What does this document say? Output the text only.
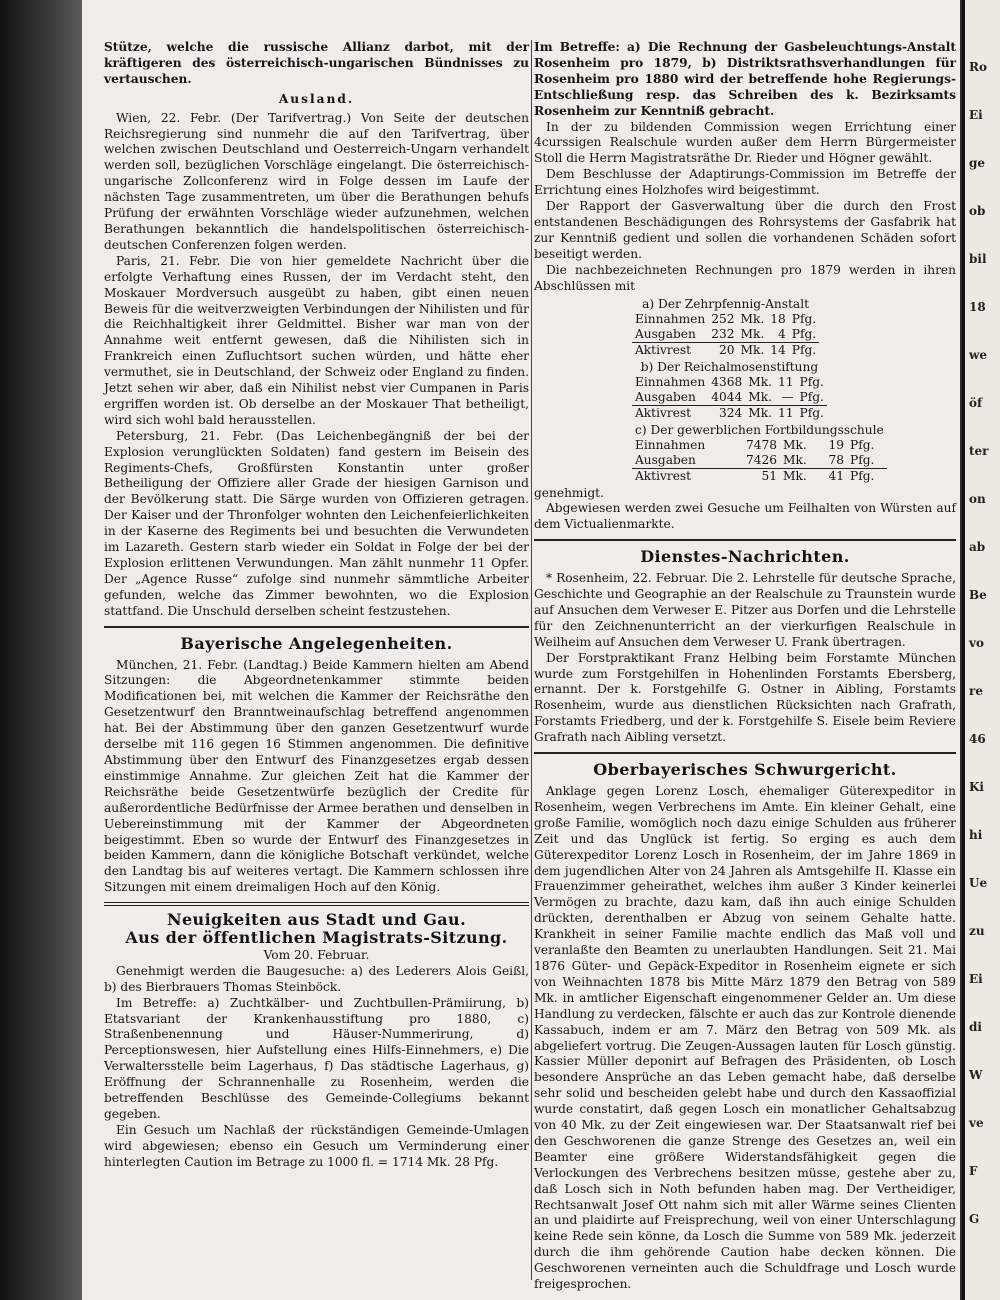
Stütze, welche die russische Allianz darbot, mit der kräftigeren des österreichisch-ungarischen Bündnisses zu vertauschen.

Ausland.

Wien, 22. Febr. (Der Tarifvertrag.) Von Seite der deutschen Reichsregierung sind nunmehr die auf den Tarifvertrag, über welchen zwischen Deutschland und Oesterreich-Ungarn verhandelt werden soll, bezüglichen Vorschläge eingelangt. Die österreichisch-ungarische Zollconferenz wird in Folge dessen im Laufe der nächsten Tage zusammentreten, um über die Berathungen behufs Prüfung der erwähnten Vorschläge wieder aufzunehmen, welchen Berathungen bekanntlich die handelspolitischen österreichisch-deutschen Conferenzen folgen werden.

Paris, 21. Febr. Die von hier gemeldete Nachricht über die erfolgte Verhaftung eines Russen, der im Verdacht steht, den Moskauer Mordversuch ausgeübt zu haben, gibt einen neuen Beweis für die weitverzweigten Verbindungen der Nihilisten und für die Reichhaltigkeit ihrer Geldmittel. Bisher war man von der Annahme weit entfernt gewesen, daß die Nihilisten sich in Frankreich einen Zufluchtsort suchen würden, und hätte eher vermuthet, sie in Deutschland, der Schweiz oder England zu finden. Jetzt sehen wir aber, daß ein Nihilist nebst vier Cumpanen in Paris ergriffen worden ist. Ob derselbe an der Moskauer That betheiligt, wird sich wohl bald herausstellen.

Petersburg, 21. Febr. (Das Leichenbegängniß der bei der Explosion verunglückten Soldaten) fand gestern im Beisein des Regiments-Chefs, Großfürsten Konstantin unter großer Betheiligung der Offiziere aller Grade der hiesigen Garnison und der Bevölkerung statt. Die Särge wurden von Offizieren getragen. Der Kaiser und der Thronfolger wohnten den Leichenfeierlichkeiten in der Kaserne des Regiments bei und besuchten die Verwundeten im Lazareth. Gestern starb wieder ein Soldat in Folge der bei der Explosion erlittenen Verwundungen. Man zählt nunmehr 11 Opfer. Der „Agence Russe“ zufolge sind nunmehr sämmtliche Arbeiter gefunden, welche das Zimmer bewohnten, wo die Explosion stattfand. Die Unschuld derselben scheint festzustehen.

Bayerische Angelegenheiten.

München, 21. Febr. (Landtag.) Beide Kammern hielten am Abend Sitzungen: die Abgeordnetenkammer stimmte beiden Modificationen bei, mit welchen die Kammer der Reichsräthe den Gesetzentwurf den Branntweinaufschlag betreffend angenommen hat. Bei der Abstimmung über den ganzen Gesetzentwurf wurde derselbe mit 116 gegen 16 Stimmen angenommen. Die definitive Abstimmung über den Entwurf des Finanzgesetzes ergab dessen einstimmige Annahme. Zur gleichen Zeit hat die Kammer der Reichsräthe beide Gesetzentwürfe bezüglich der Credite für außerordentliche Bedürfnisse der Armee berathen und denselben in Uebereinstimmung mit der Kammer der Abgeordneten beigestimmt. Eben so wurde der Entwurf des Finanzgesetzes in beiden Kammern, dann die königliche Botschaft verkündet, welche den Landtag bis auf weiteres vertagt. Die Kammern schlossen ihre Sitzungen mit einem dreimaligen Hoch auf den König.

Neuigkeiten aus Stadt und Gau.
Aus der öffentlichen Magistrats-Sitzung.

Vom 20. Februar.

Genehmigt werden die Baugesuche: a) des Lederers Alois Geißl, b) des Bierbrauers Thomas Steinböck.

Im Betreffe: a) Zuchtkälber- und Zuchtbullen-Prämiirung, b) Etatsvariant der Krankenhausstiftung pro 1880, c) Straßenbenennung und Häuser-Nummerirung, d) Perceptionswesen, hier Aufstellung eines Hilfs-Einnehmers, e) Die Verwaltersstelle beim Lagerhaus, f) Das städtische Lagerhaus, g) Eröffnung der Schrannenhalle zu Rosenheim, werden die betreffenden Beschlüsse des Gemeinde-Collegiums bekannt gegeben.

Ein Gesuch um Nachlaß der rückständigen Gemeinde-Umlagen wird abgewiesen; ebenso ein Gesuch um Verminderung einer hinterlegten Caution im Betrage zu 1000 fl. = 1714 Mk. 28 Pfg.

Im Betreffe: a) Die Rechnung der Gasbeleuchtungs-Anstalt Rosenheim pro 1879, b) Distriktsrathsverhandlungen für Rosenheim pro 1880 wird der betreffende hohe Regierungs-Entschließung resp. das Schreiben des k. Bezirksamts Rosenheim zur Kenntniß gebracht.

In der zu bildenden Commission wegen Errichtung einer 4curssigen Realschule wurden außer dem Herrn Bürgermeister Stoll die Herrn Magistratsräthe Dr. Rieder und Högner gewählt.

Dem Beschlusse der Adaptirungs-Commission im Betreffe der Errichtung eines Holzhofes wird beigestimmt.

Der Rapport der Gasverwaltung über die durch den Frost entstandenen Beschädigungen des Rohrsystems der Gasfabrik hat zur Kenntniß gedient und sollen die vorhandenen Schäden sofort beseitigt werden.

Die nachbezeichneten Rechnungen pro 1879 werden in ihren Abschlüssen mit

a) Der Zehrpfennig-Anstalt				
Einnahmen	252	Mk.	18	Pfg.
Ausgaben	232	Mk.	4	Pfg.
Aktivrest	20	Mk.	14	Pfg.
b) Der Reichalmosenstiftung				
Einnahmen	4368	Mk.	11	Pfg.
Ausgaben	4044	Mk.	—	Pfg.
Aktivrest	324	Mk.	11	Pfg.
c) Der gewerblichen Fortbildungsschule				
Einnahmen	7478	Mk.	19	Pfg.
Ausgaben	7426	Mk.	78	Pfg.
Aktivrest	51	Mk.	41	Pfg.

genehmigt.

Abgewiesen werden zwei Gesuche um Feilhalten von Würsten auf dem Victualienmarkte.

Dienstes-Nachrichten.

* Rosenheim, 22. Februar. Die 2. Lehrstelle für deutsche Sprache, Geschichte und Geographie an der Realschule zu Traunstein wurde auf Ansuchen dem Verweser E. Pitzer aus Dorfen und die Lehrstelle für den Zeichnenunterricht an der vierkurfigen Realschule in Weilheim auf Ansuchen dem Verweser U. Frank übertragen.

Der Forstpraktikant Franz Helbing beim Forstamte München wurde zum Forstgehilfen in Hohenlinden Forstamts Ebersberg, ernannt. Der k. Forstgehilfe G. Ostner in Aibling, Forstamts Rosenheim, wurde aus dienstlichen Rücksichten nach Grafrath, Forstamts Friedberg, und der k. Forstgehilfe S. Eisele beim Reviere Grafrath nach Aibling versetzt.

Oberbayerisches Schwurgericht.

Anklage gegen Lorenz Losch, ehemaliger Güterexpeditor in Rosenheim, wegen Verbrechens im Amte. Ein kleiner Gehalt, eine große Familie, womöglich noch dazu einige Schulden aus früherer Zeit und das Unglück ist fertig. So erging es auch dem Güterexpeditor Lorenz Losch in Rosenheim, der im Jahre 1869 in dem jugendlichen Alter von 24 Jahren als Amtsgehilfe II. Klasse ein Frauenzimmer geheirathet, welches ihm außer 3 Kinder keinerlei Vermögen zu brachte, dazu kam, daß ihn auch einige Schulden drückten, derenthalben er Abzug von seinem Gehalte hatte. Krankheit in seiner Familie machte endlich das Maß voll und veranlaßte den Beamten zu unerlaubten Handlungen. Seit 21. Mai 1876 Güter- und Gepäck-Expeditor in Rosenheim eignete er sich von Weihnachten 1878 bis Mitte März 1879 den Betrag von 589 Mk. in amtlicher Eigenschaft eingenommener Gelder an. Um diese Handlung zu verdecken, fälschte er auch das zur Kontrole dienende Kassabuch, indem er am 7. März den Betrag von 509 Mk. als abgeliefert vortrug. Die Zeugen-Aussagen lauten für Losch günstig. Kassier Müller deponirt auf Befragen des Präsidenten, ob Losch besondere Ansprüche an das Leben gemacht habe, daß derselbe sehr solid und bescheiden gelebt habe und durch den Kassaoffizial wurde constatirt, daß gegen Losch ein monatlicher Gehaltsabzug von 40 Mk. zu der Zeit eingewiesen war. Der Staatsanwalt rief bei den Geschworenen die ganze Strenge des Gesetzes an, weil ein Beamter eine größere Widerstandsfähigkeit gegen die Verlockungen des Verbrechens besitzen müsse, gestehe aber zu, daß Losch sich in Noth befunden haben mag. Der Vertheidiger, Rechtsanwalt Josef Ott nahm sich mit aller Wärme seines Clienten an und plaidirte auf Freisprechung, weil von einer Unterschlagung keine Rede sein könne, da Losch die Summe von 589 Mk. jederzeit durch die ihm gehörende Caution habe decken können. Die Geschworenen verneinten auch die Schuldfrage und Losch wurde freigesprochen.

Ro
Ei
ge
ob
bil
18
we
öf
ter
on
ab
Be
vo
re
46
Ki
hi
Ue
zu
Ei
di
W
ve
F
G
